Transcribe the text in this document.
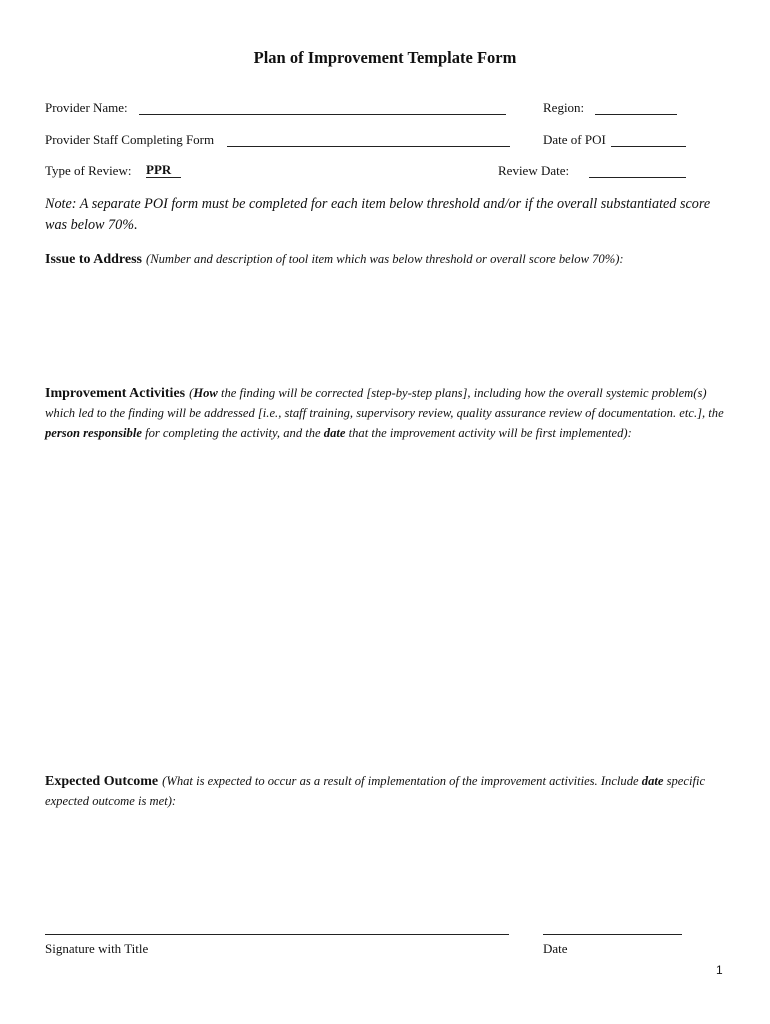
Plan of Improvement Template Form
Provider Name:	Region:
Provider Staff Completing Form	Date of POI
Type of Review: PPR	Review Date:
Note: A separate POI form must be completed for each item below threshold and/or if the overall substantiated score was below 70%.
Issue to Address (Number and description of tool item which was below threshold or overall score below 70%):
Improvement Activities (How the finding will be corrected [step-by-step plans], including how the overall systemic problem(s) which led to the finding will be addressed [i.e., staff training, supervisory review, quality assurance review of documentation. etc.], the person responsible for completing the activity, and the date that the improvement activity will be first implemented):
Expected Outcome (What is expected to occur as a result of implementation of the improvement activities. Include date specific expected outcome is met):
Signature with Title	Date
1
